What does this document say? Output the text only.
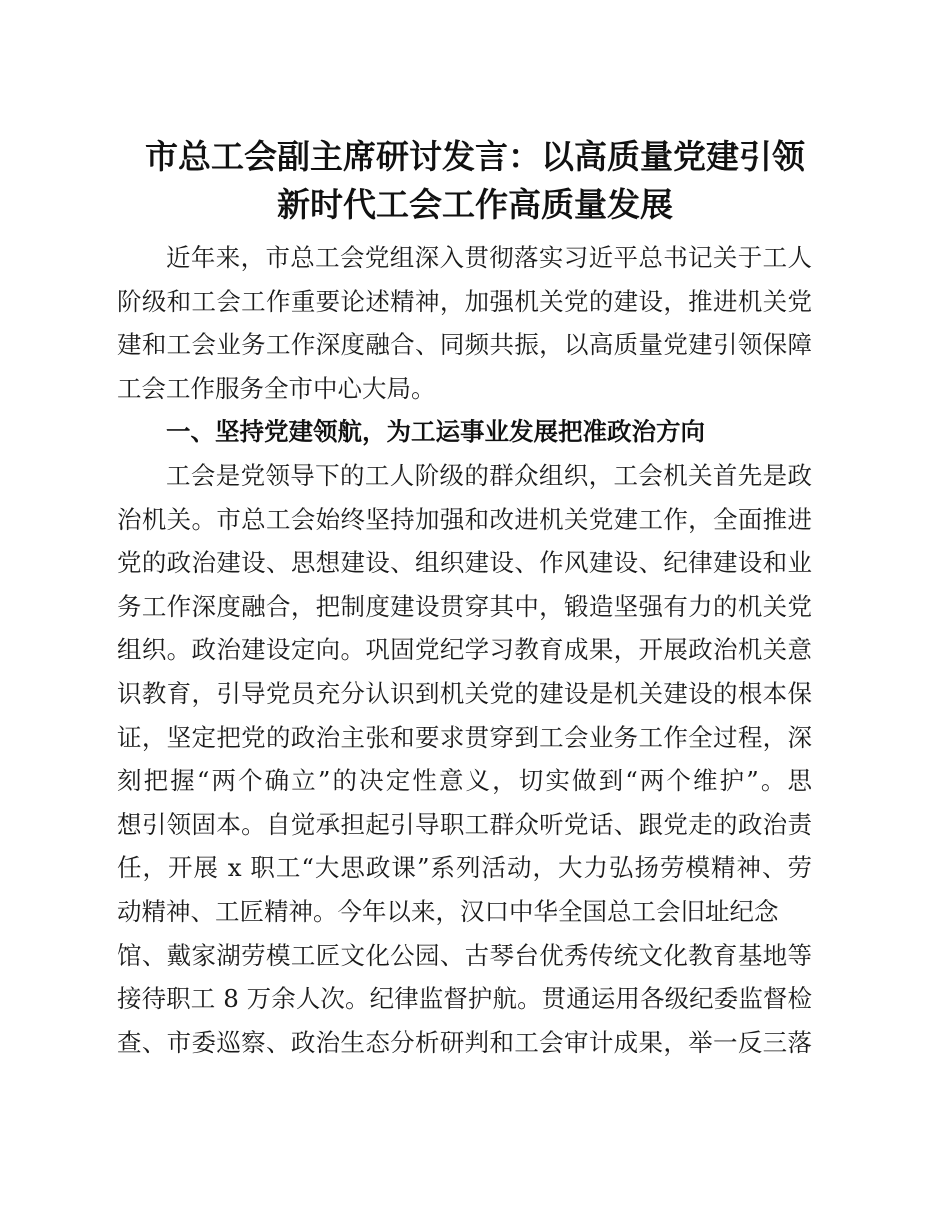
市总工会副主席研讨发言：以高质量党建引领
新时代工会工作高质量发展
近年来，市总工会党组深入贯彻落实习近平总书记关于工人
阶级和工会工作重要论述精神，加强机关党的建设，推进机关党
建和工会业务工作深度融合、同频共振，以高质量党建引领保障
工会工作服务全市中心大局。
一、坚持党建领航，为工运事业发展把准政治方向
工会是党领导下的工人阶级的群众组织，工会机关首先是政
治机关。市总工会始终坚持加强和改进机关党建工作，全面推进
党的政治建设、思想建设、组织建设、作风建设、纪律建设和业
务工作深度融合，把制度建设贯穿其中，锻造坚强有力的机关党
组织。政治建设定向。巩固党纪学习教育成果，开展政治机关意
识教育，引导党员充分认识到机关党的建设是机关建设的根本保
证，坚定把党的政治主张和要求贯穿到工会业务工作全过程，深
刻把握“两个确立”的决定性意义，切实做到“两个维护”。思
想引领固本。自觉承担起引导职工群众听党话、跟党走的政治责
任，开展 x 职工“大思政课”系列活动，大力弘扬劳模精神、劳
动精神、工匠精神。今年以来，汉口中华全国总工会旧址纪念
馆、戴家湖劳模工匠文化公园、古琴台优秀传统文化教育基地等
接待职工 8 万余人次。纪律监督护航。贯通运用各级纪委监督检
查、市委巡察、政治生态分析研判和工会审计成果，举一反三落
